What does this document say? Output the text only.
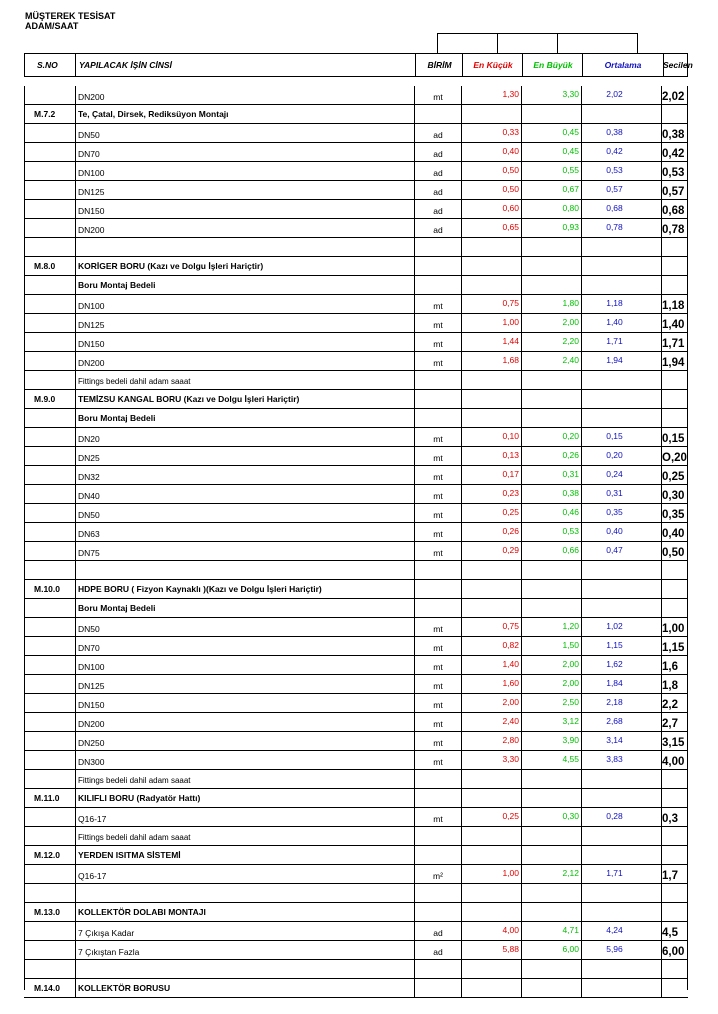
MÜŞTEREK TESİSAT
ADAM/SAAT
S.NO	YAPILACAK İŞİN CİNSİ	BİRİM	En Küçük	En Büyük	Ortalama	Secilen
DN200	mt	1,30	3,30	2,02	2,02
M.7.2	Te, Çatal, Dirsek, Rediksüyon Montajı
DN50	ad	0,33	0,45	0,38	0,38
DN70	ad	0,40	0,45	0,42	0,42
DN100	ad	0,50	0,55	0,53	0,53
DN125	ad	0,50	0,67	0,57	0,57
DN150	ad	0,60	0,80	0,68	0,68
DN200	ad	0,65	0,93	0,78	0,78
M.8.0	KORİGER BORU (Kazı ve Dolgu İşleri Hariçtir)
Boru Montaj Bedeli
DN100	mt	0,75	1,80	1,18	1,18
DN125	mt	1,00	2,00	1,40	1,40
DN150	mt	1,44	2,20	1,71	1,71
DN200	mt	1,68	2,40	1,94	1,94
Fittings bedeli dahil adam saaat
M.9.0	TEMİZSU KANGAL BORU (Kazı ve Dolgu İşleri Hariçtir)
Boru Montaj Bedeli
DN20	mt	0,10	0,20	0,15	0,15
DN25	mt	0,13	0,26	0,20	O,20
DN32	mt	0,17	0,31	0,24	0,25
DN40	mt	0,23	0,38	0,31	0,30
DN50	mt	0,25	0,46	0,35	0,35
DN63	mt	0,26	0,53	0,40	0,40
DN75	mt	0,29	0,66	0,47	0,50
M.10.0	HDPE BORU ( Fizyon Kaynaklı )(Kazı ve Dolgu İşleri Hariçtir)
Boru Montaj Bedeli
DN50	mt	0,75	1,20	1,02	1,00
DN70	mt	0,82	1,50	1,15	1,15
DN100	mt	1,40	2,00	1,62	1,6
DN125	mt	1,60	2,00	1,84	1,8
DN150	mt	2,00	2,50	2,18	2,2
DN200	mt	2,40	3,12	2,68	2,7
DN250	mt	2,80	3,90	3,14	3,15
DN300	mt	3,30	4,55	3,83	4,00
Fittings bedeli dahil adam saaat
M.11.0	KILIFLI BORU (Radyatör Hattı)
Q16-17	mt	0,25	0,30	0,28	0,3
Fittings bedeli dahil adam saaat
M.12.0	YERDEN ISITMA SİSTEMİ
Q16-17	m²	1,00	2,12	1,71	1,7
M.13.0	KOLLEKTÖR DOLABI MONTAJI
7 Çıkışa Kadar	ad	4,00	4,71	4,24	4,5
7 Çıkıştan Fazla	ad	5,88	6,00	5,96	6,00
M.14.0	KOLLEKTÖR BORUSU
